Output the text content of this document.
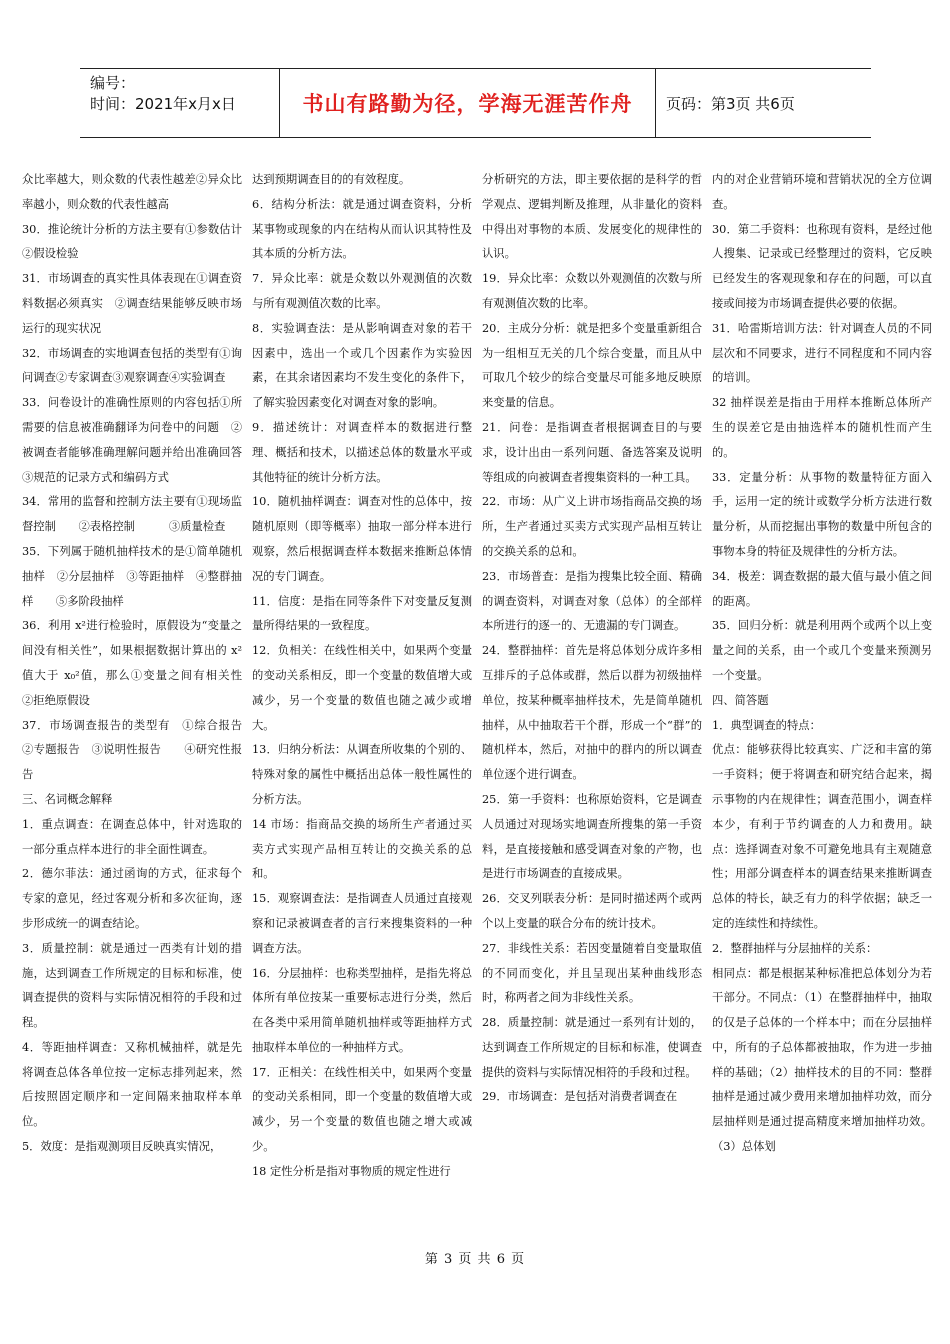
编号：
时间：2021年x月x日	书山有路勤为径，学海无涯苦作舟 页码：第3页 共6页

众比率越大，则众数的代表性越差②异众比率越小，则众数的代表性越高

30．推论统计分析的方法主要有①参数估计　　②假设检验

31．市场调查的真实性具体表现在①调查资料数据必须真实　②调查结果能够反映市场运行的现实状况

32．市场调查的实地调查包括的类型有①询问调查②专家调查③观察调查④实验调查

33．问卷设计的准确性原则的内容包括①所需要的信息被准确翻译为问卷中的问题　②被调查者能够准确理解问题并给出准确回答　③规范的记录方式和编码方式

34．常用的监督和控制方法主要有①现场监督控制　　②表格控制　　　③质量检查

35．下列属于随机抽样技术的是①简单随机抽样　②分层抽样　③等距抽样　④整群抽样　　⑤多阶段抽样

36．利用 x²进行检验时，原假设为“变量之间没有相关性”，如果根据数据计算出的 x²值大于 x₀²值，那么①变量之间有相关性　　②拒绝原假设

37．市场调查报告的类型有　①综合报告　②专题报告　③说明性报告　　④研究性报告

三、名词概念解释

1．重点调查：在调查总体中，针对选取的一部分重点样本进行的非全面性调查。

2．德尔菲法：通过函询的方式，征求每个专家的意见，经过客观分析和多次征询，逐步形成统一的调查结论。

3．质量控制：就是通过一西类有计划的措施，达到调查工作所规定的目标和标准，使调查提供的资料与实际情况相符的手段和过程。

4．等距抽样调查：又称机械抽样，就是先将调查总体各单位按一定标志排列起来，然后按照固定顺序和一定间隔来抽取样本单位。

5．效度：是指观测项目反映真实情况，

达到预期调查目的的有效程度。

6．结构分析法：就是通过调查资料，分析某事物或现象的内在结构从而认识其特性及其本质的分析方法。

7．异众比率：就是众数以外观测值的次数与所有观测值次数的比率。

8．实验调查法：是从影响调查对象的若干因素中，选出一个或几个因素作为实验因素，在其余诸因素均不发生变化的条件下，了解实验因素变化对调查对象的影响。

9．描述统计：对调查样本的数据进行整理、概括和技术，以描述总体的数量水平或其他特征的统计分析方法。

10．随机抽样调查：调查对性的总体中，按随机原则（即等概率）抽取一部分样本进行观察，然后根据调查样本数据来推断总体情况的专门调查。

11．信度：是指在同等条件下对变量反复测量所得结果的一致程度。

12．负相关：在线性相关中，如果两个变量的变动关系相反，即一个变量的数值增大或减少，另一个变量的数值也随之减少或增大。

13．归纳分析法：从调查所收集的个别的、特殊对象的属性中概括出总体一般性属性的分析方法。

14 市场：指商品交换的场所生产者通过买卖方式实现产品相互转让的交换关系的总和。

15．观察调查法：是指调查人员通过直接观察和记录被调查者的言行来搜集资料的一种调查方法。

16．分层抽样：也称类型抽样，是指先将总体所有单位按某一重要标志进行分类，然后在各类中采用简单随机抽样或等距抽样方式抽取样本单位的一种抽样方式。

17．正相关：在线性相关中，如果两个变量的变动关系相同，即一个变量的数值增大或减少，另一个变量的数值也随之增大或减少。

18 定性分析是指对事物质的规定性进行

分析研究的方法，即主要依据的是科学的哲学观点、逻辑判断及推理，从非量化的资料中得出对事物的本质、发展变化的规律性的认识。

19．异众比率：众数以外观测值的次数与所有观测值次数的比率。

20．主成分分析：就是把多个变量重新组合为一组相互无关的几个综合变量，而且从中可取几个较少的综合变量尽可能多地反映原来变量的信息。

21．问卷：是指调查者根据调查目的与要求，设计出由一系列问题、备选答案及说明等组成的向被调查者搜集资料的一种工具。

22．市场：从广义上讲市场指商品交换的场所，生产者通过买卖方式实现产品相互转让的交换关系的总和。

23．市场普查：是指为搜集比较全面、精确的调查资料，对调查对象（总体）的全部样本所进行的逐一的、无遗漏的专门调查。

24．整群抽样：首先是将总体划分成许多相互排斥的子总体或群，然后以群为初级抽样单位，按某种概率抽样技术，先是简单随机抽样，从中抽取若干个群，形成一个“群”的随机样本，然后，对抽中的群内的所以调查单位逐个进行调查。

25．第一手资料：也称原始资料，它是调查人员通过对现场实地调查所搜集的第一手资料，是直接接触和感受调查对象的产物，也是进行市场调查的直接成果。

26．交叉列联表分析：是同时描述两个或两个以上变量的联合分布的统计技术。

27．非线性关系：若因变量随着自变量取值的不同而变化，并且呈现出某种曲线形态时，称两者之间为非线性关系。

28．质量控制：就是通过一系列有计划的，达到调查工作所规定的目标和标准，使调查提供的资料与实际情况相符的手段和过程。

29．市场调查：是包括对消费者调查在

内的对企业营销环境和营销状况的全方位调查。

30．第二手资料：也称现有资料，是经过他人搜集、记录或已经整理过的资料，它反映已经发生的客观现象和存在的问题，可以直接或间接为市场调查提供必要的依据。

31．哈雷斯培训方法：针对调查人员的不同层次和不同要求，进行不同程度和不同内容的培训。

32 抽样误差是指由于用样本推断总体所产生的误差它是由抽选样本的随机性而产生的。

33．定量分析：从事物的数量特征方面入手，运用一定的统计或数学分析方法进行数量分析，从而挖掘出事物的数量中所包含的事物本身的特征及规律性的分析方法。

34．极差：调查数据的最大值与最小值之间的距离。

35．回归分析：就是利用两个或两个以上变量之间的关系，由一个或几个变量来预测另一个变量。

四、简答题

1．典型调查的特点：

优点：能够获得比较真实、广泛和丰富的第一手资料；便于将调查和研究结合起来，揭示事物的内在规律性；调查范围小，调查样本少，有利于节约调查的人力和费用。缺点：选择调查对象不可避免地具有主观随意性；用部分调查样本的调查结果来推断调查总体的特长，缺乏有力的科学依据；缺乏一定的连续性和持续性。

2．整群抽样与分层抽样的关系：

相同点：都是根据某种标准把总体划分为若干部分。不同点：（1）在整群抽样中，抽取的仅是子总体的一个样本中；而在分层抽样中，所有的子总体都被抽取，作为进一步抽样的基础；（2）抽样技术的目的不同：整群抽样是通过减少费用来增加抽样功效，而分层抽样则是通过提高精度来增加抽样功效。（3）总体划

第 3 页 共 6 页
